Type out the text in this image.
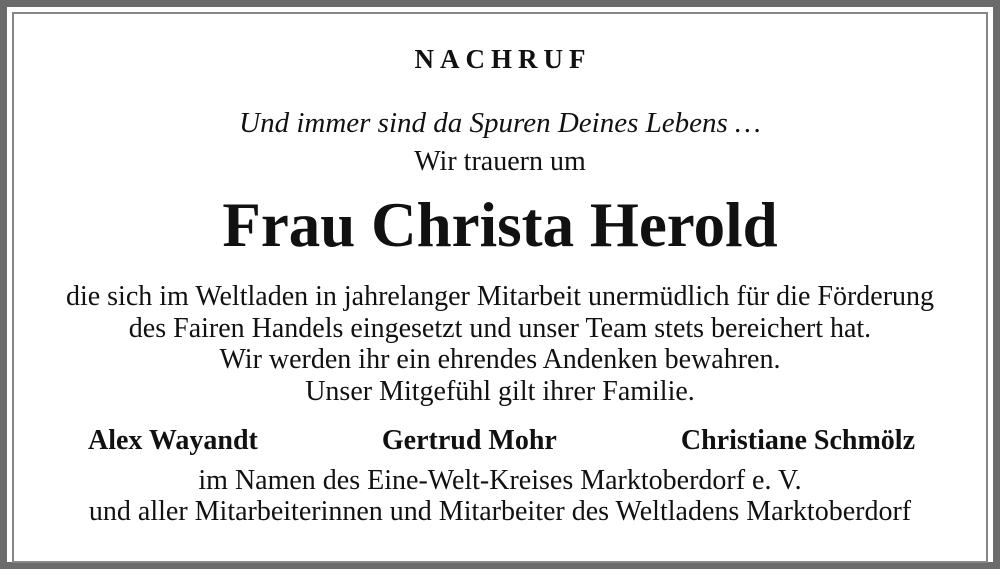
NACHRUF
Und immer sind da Spuren Deines Lebens …
Wir trauern um
Frau Christa Herold
die sich im Weltladen in jahrelanger Mitarbeit unermüdlich für die Förderung
des Fairen Handels eingesetzt und unser Team stets bereichert hat.
Wir werden ihr ein ehrendes Andenken bewahren.
Unser Mitgefühl gilt ihrer Familie.
Alex Wayandt	Gertrud Mohr	Christiane Schmölz
im Namen des Eine-Welt-Kreises Marktoberdorf e. V.
und aller Mitarbeiterinnen und Mitarbeiter des Weltladens Marktoberdorf
